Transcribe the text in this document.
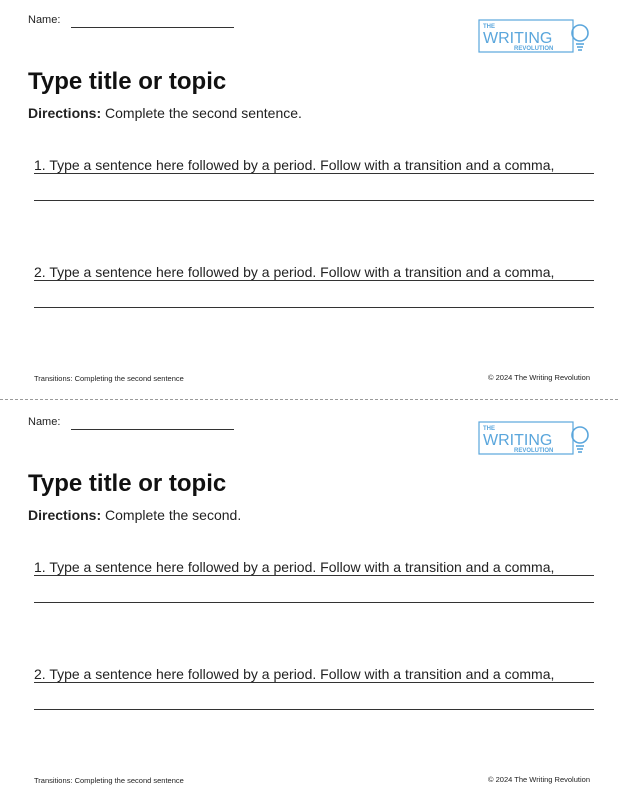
Name:
THE
WRITING
REVOLUTION
Type title or topic
Directions: Complete the second sentence.

1. Type a sentence here followed by a period. Follow with a transition and a comma,

2. Type a sentence here followed by a period. Follow with a transition and a comma,

Transitions: Completing the second sentence	© 2024 The Writing Revolution
Name:
THE
WRITING
REVOLUTION
Type title or topic
Directions: Complete the second.

1. Type a sentence here followed by a period. Follow with a transition and a comma,

2. Type a sentence here followed by a period. Follow with a transition and a comma,

Transitions: Completing the second sentence	© 2024 The Writing Revolution
